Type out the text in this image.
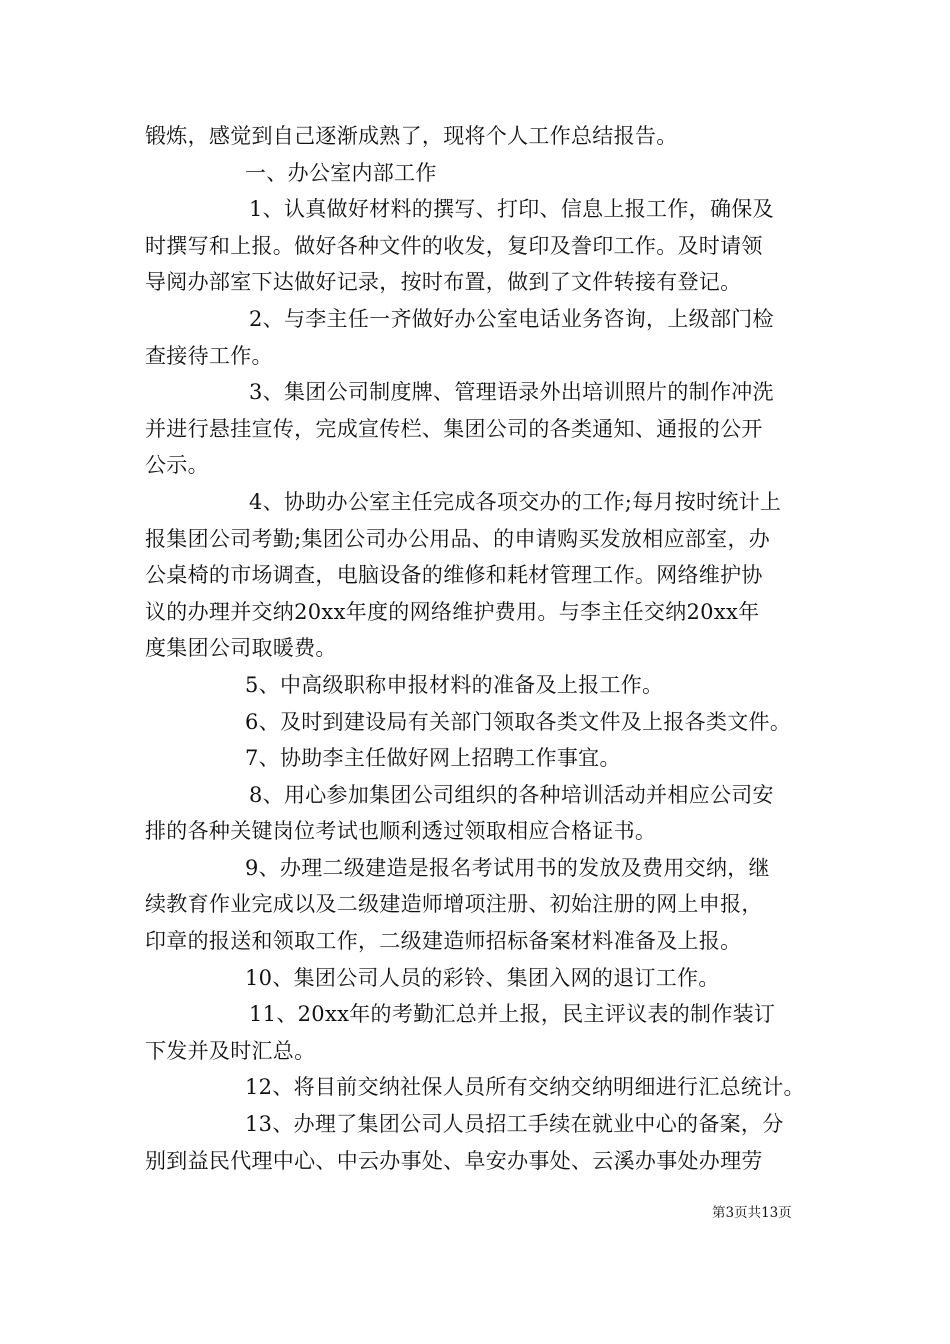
锻炼，感觉到自己逐渐成熟了，现将个人工作总结报告。
一、办公室内部工作
1、认真做好材料的撰写、打印、信息上报工作，确保及
时撰写和上报。做好各种文件的收发，复印及誊印工作。及时请领
导阅办部室下达做好记录，按时布置，做到了文件转接有登记。
2、与李主任一齐做好办公室电话业务咨询，上级部门检
查接待工作。
3、集团公司制度牌、管理语录外出培训照片的制作冲洗
并进行悬挂宣传，完成宣传栏、集团公司的各类通知、通报的公开
公示。
4、协助办公室主任完成各项交办的工作;每月按时统计上
报集团公司考勤;集团公司办公用品、的申请购买发放相应部室，办
公桌椅的市场调查，电脑设备的维修和耗材管理工作。网络维护协
议的办理并交纳20xx年度的网络维护费用。与李主任交纳20xx年
度集团公司取暖费。
5、中高级职称申报材料的准备及上报工作。
6、及时到建设局有关部门领取各类文件及上报各类文件。
7、协助李主任做好网上招聘工作事宜。
8、用心参加集团公司组织的各种培训活动并相应公司安
排的各种关键岗位考试也顺利透过领取相应合格证书。
9、办理二级建造是报名考试用书的发放及费用交纳，继
续教育作业完成以及二级建造师增项注册、初始注册的网上申报，
印章的报送和领取工作，二级建造师招标备案材料准备及上报。
10、集团公司人员的彩铃、集团入网的退订工作。
11、20xx年的考勤汇总并上报，民主评议表的制作装订
下发并及时汇总。
12、将目前交纳社保人员所有交纳交纳明细进行汇总统计。
13、办理了集团公司人员招工手续在就业中心的备案，分
别到益民代理中心、中云办事处、阜安办事处、云溪办事处办理劳
第3页共13页
